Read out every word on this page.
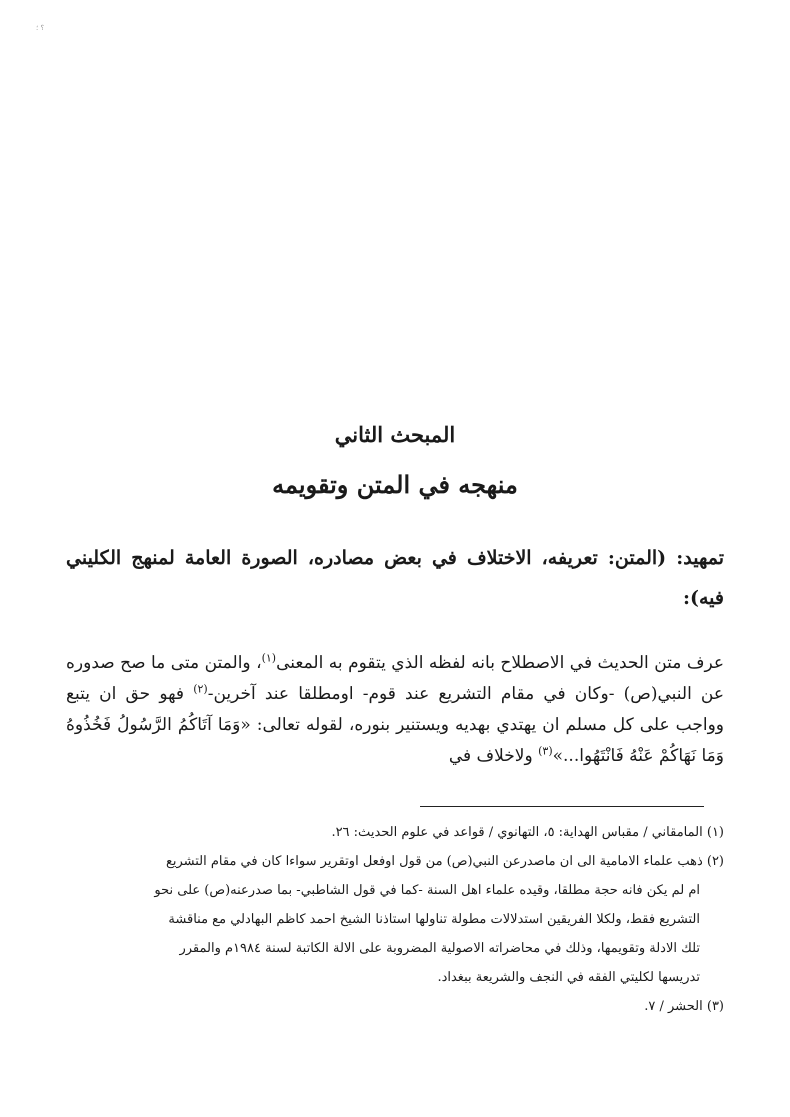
؟ ؛
المبحث الثاني
منهجه في المتن وتقويمه
تمهيد: (المتن: تعريفه، الاختلاف في بعض مصادره، الصورة العامة لمنهج الكليني فيه):
عرف متن الحديث في الاصطلاح بانه لفظه الذي يتقوم به المعنى$^{(١)}$، والمتن متى ما صح صدوره عن النبي(ص) -وكان في مقام التشريع عند قوم- اومطلقا عند آخرين-$^{(٢)}$ فهو حق ان يتبع وواجب على كل مسلم ان يهتدي بهديه ويستنير بنوره، لقوله تعالى: «وَمَا آتَاكُمُ الرَّسُولُ فَخُذُوهُ وَمَا نَهَاكُمْ عَنْهُ فَانْتَهُوا...»$^{(٣)}$ ولاخلاف في

(١) المامقاني / مقباس الهداية: ٥، التهانوي / قواعد في علوم الحديث: ٢٦.

(٢) ذهب علماء الامامية الى ان ماصدرعن النبي(ص) من قول اوفعل اوتقرير سواءا كان في مقام التشريع

ام لم يكن فانه حجة مطلقا، وقيده علماء اهل السنة -كما في قول الشاطبي- بما صدرعنه(ص) على نحو

التشريع فقط، ولكلا الفريقين استدلالات مطولة تناولها استاذنا الشيخ احمد كاظم البهادلي مع مناقشة

تلك الادلة وتقويمها، وذلك في محاضراته الاصولية المضروبة على الالة الكاتبة لسنة ١٩٨٤م والمقرر

تدريسها لكليتي الفقه في النجف والشريعة ببغداد.

(٣) الحشر / ٧.
